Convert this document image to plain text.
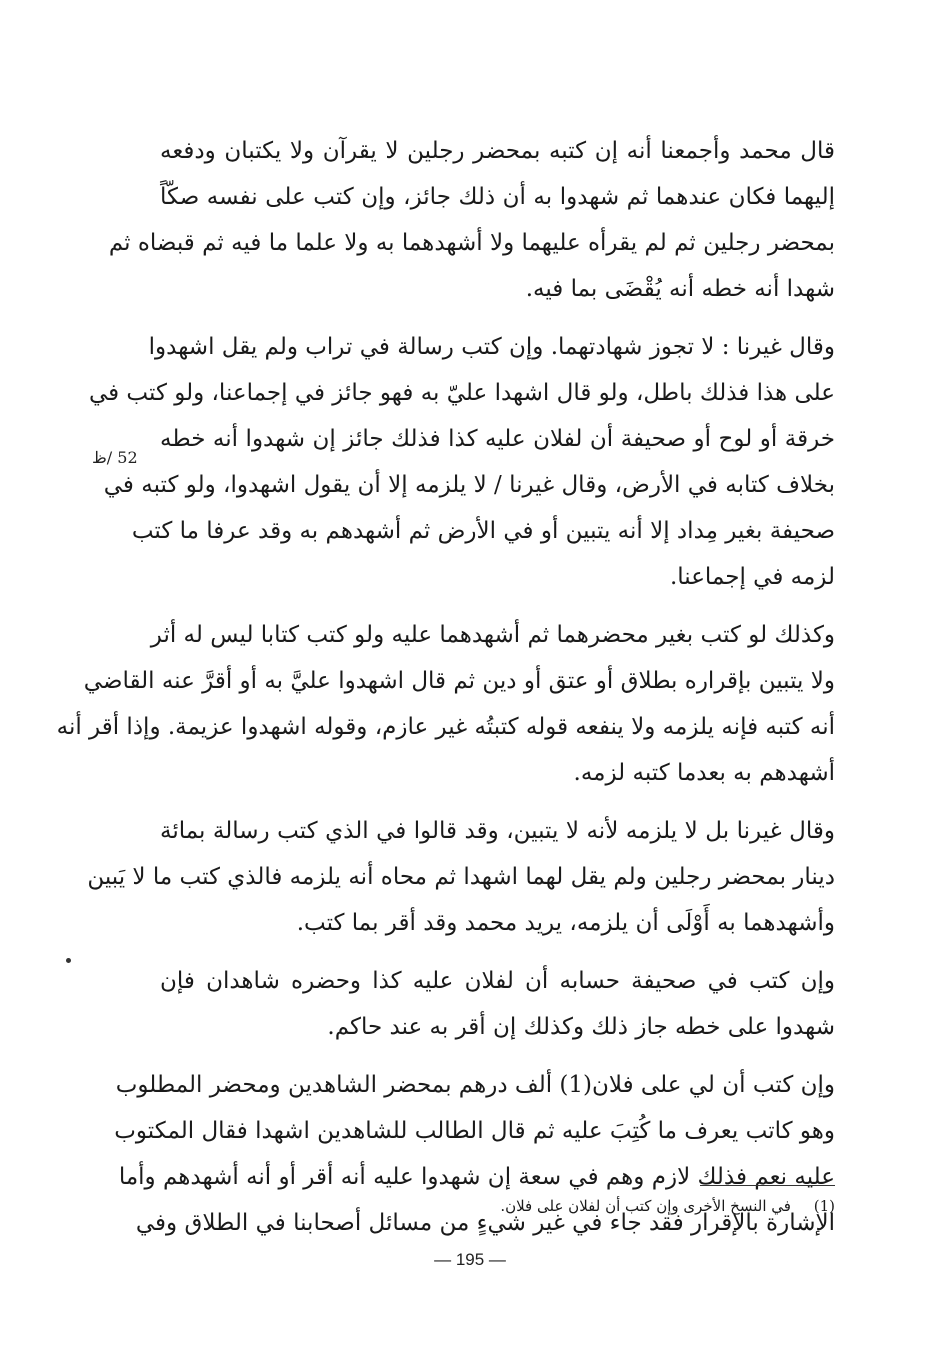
قال محمد وأجمعنا أنه إن كتبه بمحضر رجلين لا يقرآن ولا يكتبان ودفعه
إليهما فكان عندهما ثم شهدوا به أن ذلك جائز، وإن كتب على نفسه صكّاً
بمحضر رجلين ثم لم يقرأه عليهما ولا أشهدهما به ولا علما ما فيه ثم قبضاه ثم
شهدا أنه خطه أنه يُقْضَى بما فيه.
وقال غيرنا : لا تجوز شهادتهما. وإن كتب رسالة في تراب ولم يقل اشهدوا
على هذا فذلك باطل، ولو قال اشهدا عليّ به فهو جائز في إجماعنا، ولو كتب في
خرقة أو لوح أو صحيفة أن لفلان عليه كذا فذلك جائز إن شهدوا أنه خطه
بخلاف كتابه في الأرض، وقال غيرنا / لا يلزمه إلا أن يقول اشهدوا، ولو كتبه في
صحيفة بغير مِداد إلا أنه يتبين أو في الأرض ثم أشهدهم به وقد عرفا ما كتب
لزمه في إجماعنا.
وكذلك لو كتب بغير محضرهما ثم أشهدهما عليه ولو كتب كتابا ليس له أثر
ولا يتبين بإقراره بطلاق أو عتق أو دين ثم قال اشهدوا عليَّ به أو أقرَّ عنه القاضي
أنه كتبه فإنه يلزمه ولا ينفعه قوله كتبتُه غير عازم، وقوله اشهدوا عزيمة. وإذا أقر أنه
أشهدهم به بعدما كتبه لزمه.
وقال غيرنا بل لا يلزمه لأنه لا يتبين، وقد قالوا في الذي كتب رسالة بمائة
دينار بمحضر رجلين ولم يقل لهما اشهدا ثم محاه أنه يلزمه فالذي كتب ما لا يَبين
وأشهدهما به أَوْلَى أن يلزمه، يريد محمد وقد أقر بما كتب.
وإن كتب في صحيفة حسابه أن لفلان عليه كذا وحضره شاهدان فإن
شهدوا على خطه جاز ذلك وكذلك إن أقر به عند حاكم.
وإن كتب أن لي على فلان(1) ألف درهم بمحضر الشاهدين ومحضر المطلوب
وهو كاتب يعرف ما كُتِبَ عليه ثم قال الطالب للشاهدين اشهدا فقال المكتوب
عليه نعم فذلك لازم وهم في سعة إن شهدوا عليه أنه أقر أو أنه أشهدهم وأما
الإشارة بالإقرار فقد جاء في غير شيءٍ من مسائل أصحابنا في الطلاق وفي
52 /ظ
(1) في النسخ الأخرى وإن كتب أن لفلان على فلان.
— 195 —
